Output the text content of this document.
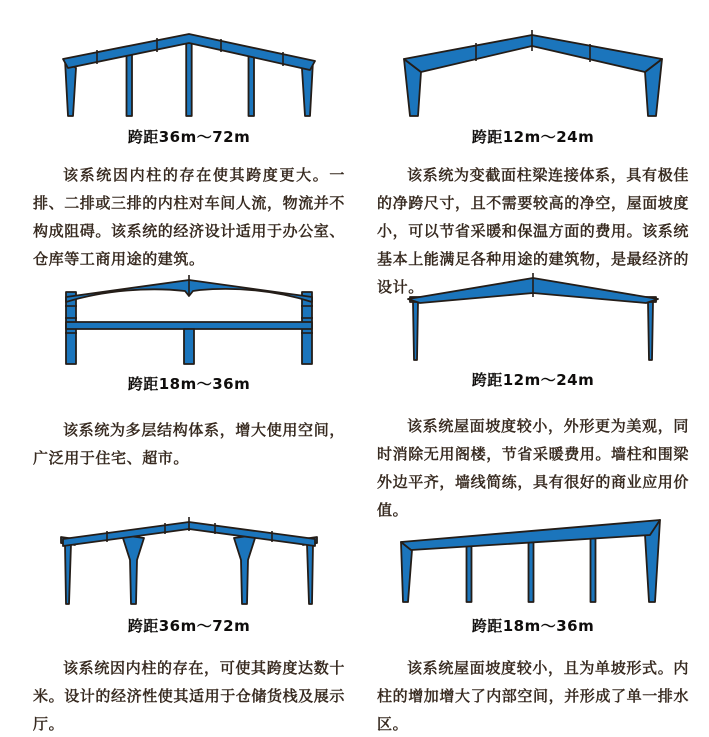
跨距36m～72m

该系统因内柱的存在使其跨度更大。一排、二排或三排的内柱对车间人流，物流并不构成阻碍。该系统的经济设计适用于办公室、仓库等工商用途的建筑。

跨距12m～24m

该系统为变截面柱梁连接体系，具有极佳的净跨尺寸，且不需要较高的净空，屋面坡度小，可以节省采暖和保温方面的费用。该系统基本上能满足各种用途的建筑物，是最经济的设计。

跨距18m～36m

该系统为多层结构体系，增大使用空间，广泛用于住宅、超市。

跨距12m～24m

该系统屋面坡度较小，外形更为美观，同时消除无用阁楼，节省采暖费用。墙柱和围梁外边平齐，墙线简练，具有很好的商业应用价值。

跨距36m～72m

该系统因内柱的存在，可使其跨度达数十米。设计的经济性使其适用于仓储货栈及展示厅。

跨距18m～36m

该系统屋面坡度较小，且为单坡形式。内柱的增加增大了内部空间，并形成了单一排水区。
